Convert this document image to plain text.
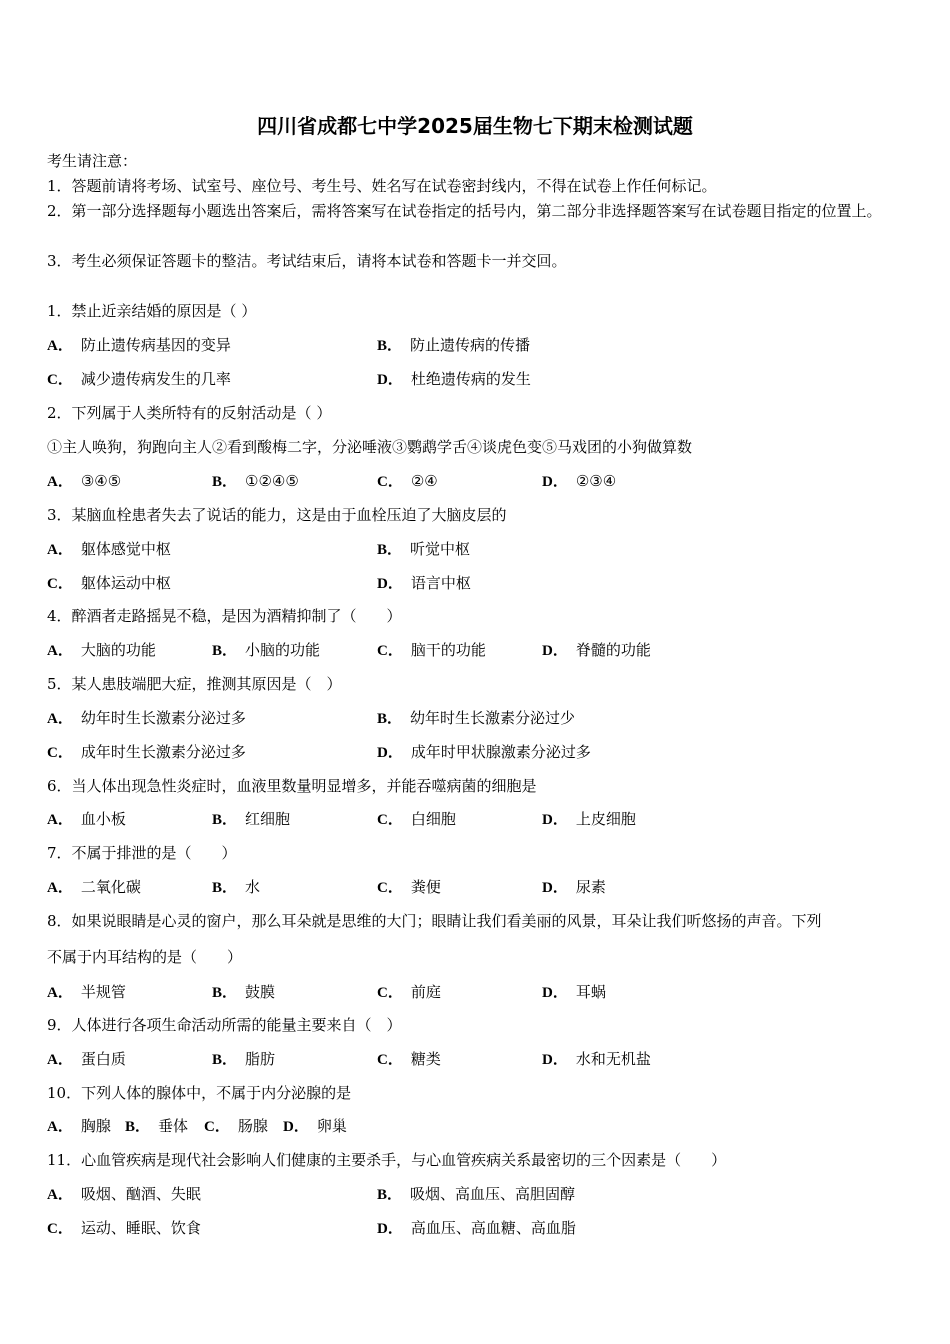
四川省成都七中学2025届生物七下期末检测试题
考生请注意：
1．答题前请将考场、试室号、座位号、考生号、姓名写在试卷密封线内，不得在试卷上作任何标记。
2．第一部分选择题每小题选出答案后，需将答案写在试卷指定的括号内，第二部分非选择题答案写在试卷题目指定的位置上。
3．考生必须保证答题卡的整洁。考试结束后，请将本试卷和答题卡一并交回。
1．禁止近亲结婚的原因是（ ）
A． 防止遗传病基因的变异	B． 防止遗传病的传播
C． 减少遗传病发生的几率	D． 杜绝遗传病的发生
2．下列属于人类所特有的反射活动是（ ）
①主人唤狗，狗跑向主人②看到酸梅二字，分泌唾液③鹦鹉学舌④谈虎色变⑤马戏团的小狗做算数
A． ③④⑤	B． ①②④⑤	C． ②④	D． ②③④
3．某脑血栓患者失去了说话的能力，这是由于血栓压迫了大脑皮层的
A． 躯体感觉中枢	B． 听觉中枢
C． 躯体运动中枢	D． 语言中枢
4．醉酒者走路摇晃不稳，是因为酒精抑制了（　　）
A． 大脑的功能	B． 小脑的功能	C． 脑干的功能	D． 脊髓的功能
5．某人患肢端肥大症，推测其原因是（　）
A． 幼年时生长激素分泌过多	B． 幼年时生长激素分泌过少
C． 成年时生长激素分泌过多	D． 成年时甲状腺激素分泌过多
6．当人体出现急性炎症时，血液里数量明显增多，并能吞噬病菌的细胞是
A． 血小板	B． 红细胞	C． 白细胞	D． 上皮细胞
7．不属于排泄的是（　　）
A． 二氧化碳	B． 水	C． 粪便	D． 尿素
8．如果说眼睛是心灵的窗户，那么耳朵就是思维的大门；眼睛让我们看美丽的风景，耳朵让我们听悠扬的声音。下列
不属于内耳结构的是（　　）
A． 半规管	B． 鼓膜	C． 前庭	D． 耳蜗
9．人体进行各项生命活动所需的能量主要来自（　）
A． 蛋白质	B． 脂肪	C． 糖类	D． 水和无机盐
10．下列人体的腺体中，不属于内分泌腺的是
A． 胸腺 B． 垂体 C． 肠腺 D． 卵巢
11．心血管疾病是现代社会影响人们健康的主要杀手，与心血管疾病关系最密切的三个因素是（　　）
A． 吸烟、酗酒、失眠	B． 吸烟、高血压、高胆固醇
C． 运动、睡眠、饮食	D． 高血压、高血糖、高血脂
